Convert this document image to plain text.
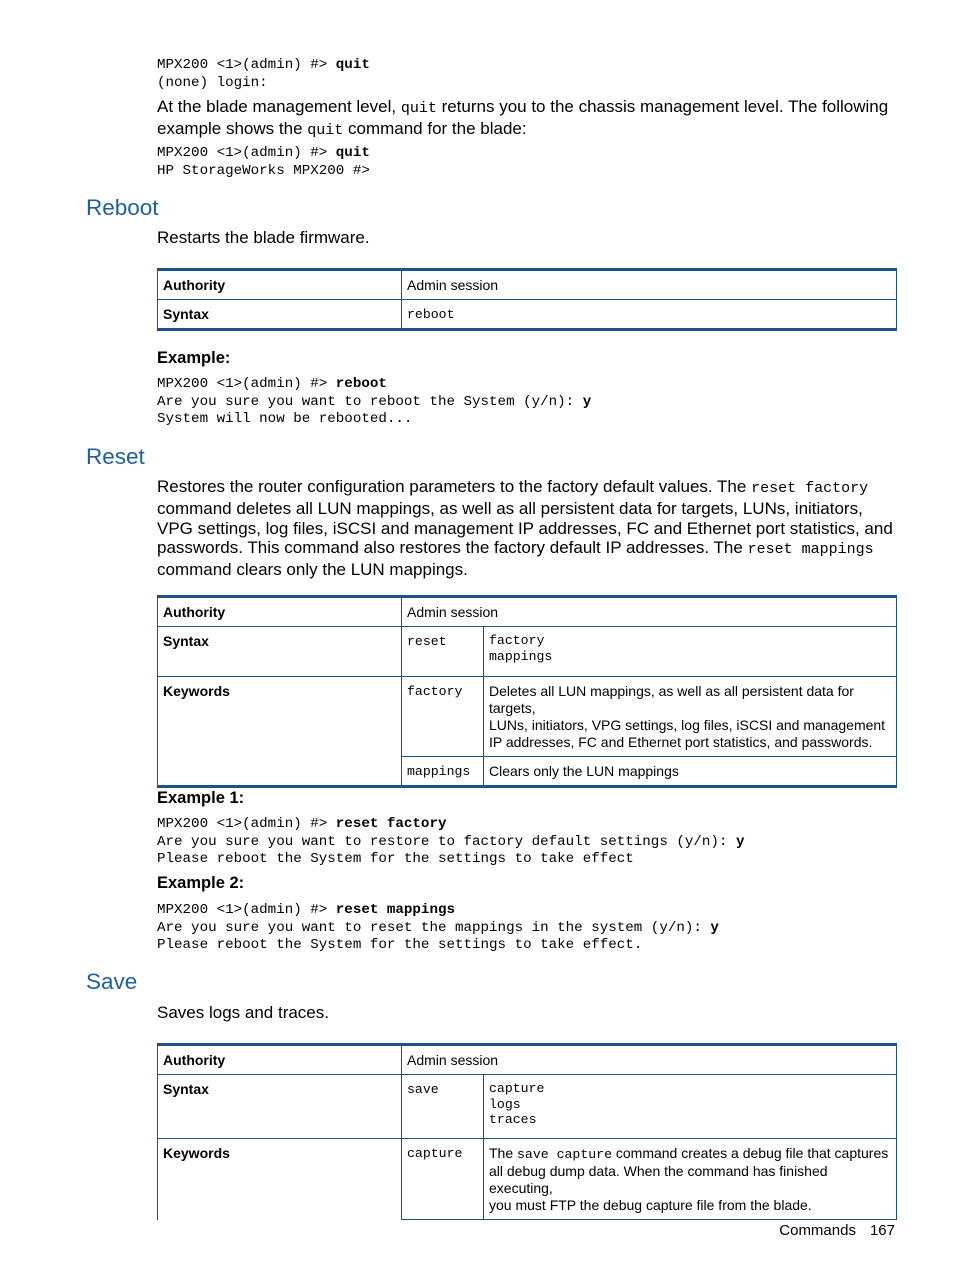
MPX200 <1>(admin) #> quit
(none) login:
At the blade management level, quit returns you to the chassis management level. The following
example shows the quit command for the blade:
MPX200 <1>(admin) #> quit
HP StorageWorks MPX200 #>
Reboot
Restarts the blade firmware.
Authority	Admin session
Syntax	reboot
Example:
MPX200 <1>(admin) #> reboot
Are you sure you want to reboot the System (y/n): y
System will now be rebooted...
Reset
Restores the router configuration parameters to the factory default values. The reset factory
command deletes all LUN mappings, as well as all persistent data for targets, LUNs, initiators,
VPG settings, log files, iSCSI and management IP addresses, FC and Ethernet port statistics, and
passwords. This command also restores the factory default IP addresses. The reset mappings
command clears only the LUN mappings.
Authority	Admin session	
Syntax	reset	factory
mappings
Keywords	factory	Deletes all LUN mappings, as well as all persistent data for targets,
LUNs, initiators, VPG settings, log files, iSCSI and management
IP addresses, FC and Ethernet port statistics, and passwords.
	mappings	Clears only the LUN mappings
Example 1:
MPX200 <1>(admin) #> reset factory
Are you sure you want to restore to factory default settings (y/n): y
Please reboot the System for the settings to take effect
Example 2:
MPX200 <1>(admin) #> reset mappings
Are you sure you want to reset the mappings in the system (y/n): y
Please reboot the System for the settings to take effect.
Save
Saves logs and traces.
Authority	Admin session	
Syntax	save	capture
logs
traces
Keywords	capture	The save capture command creates a debug file that captures
all debug dump data. When the command has finished executing,
you must FTP the debug capture file from the blade.
Commands 167
